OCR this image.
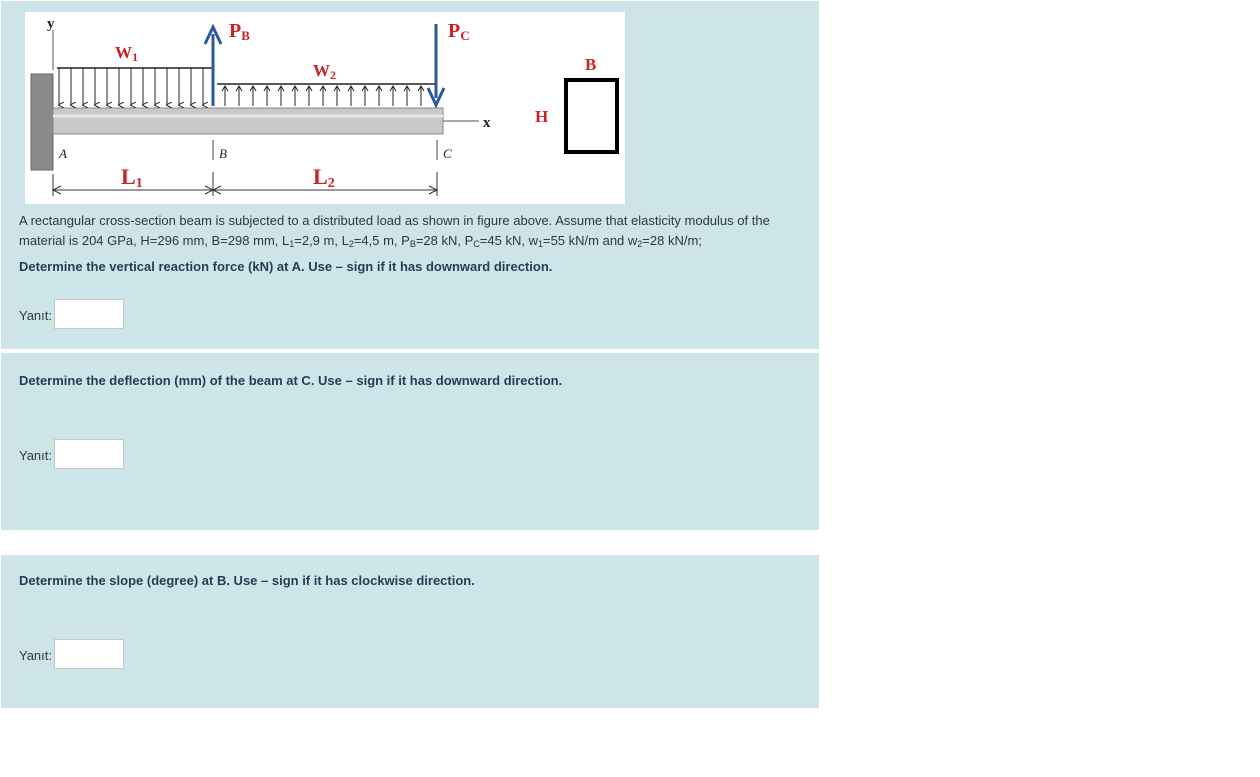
y
x
W1
W2
PB	PC
A	B	C
L1	L2
B
H
A rectangular cross-section beam is subjected to a distributed load as shown in figure above. Assume that elasticity modulus of the
material is 204 GPa, H=296 mm, B=298 mm, $L_1=2,9$ m, $L_2=4,5$ m, $P_B=28$ kN, $P_C=45$ kN, $w_1=55$ kN/m and $w_2=28$ kN/m;
Determine the vertical reaction force (kN) at A. Use – sign if it has downward direction.
Yanıt:
Determine the deflection (mm) of the beam at C. Use – sign if it has downward direction.
Yanıt:
Determine the slope (degree) at B. Use – sign if it has clockwise direction.
Yanıt:
